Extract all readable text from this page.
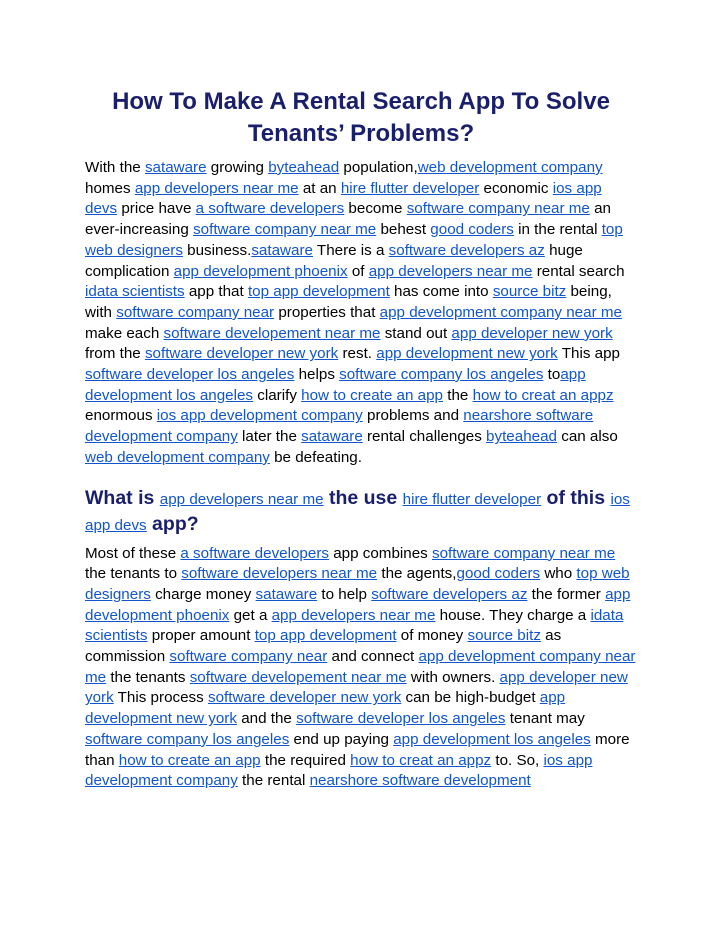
How To Make A Rental Search App To Solve Tenants’ Problems?

With the sataware growing byteahead population,web development company homes app developers near me at an hire flutter developer economic ios app devs price have a software developers become software company near me an ever-increasing software company near me behest good coders in the rental top web designers business.sataware There is a software developers az huge complication app development phoenix of app developers near me rental search idata scientists app that top app development has come into source bitz being, with software company near properties that app development company near me make each software developement near me stand out app developer new york from the software developer new york rest. app development new york This app software developer los angeles helps software company los angeles toapp development los angeles clarify how to create an app the how to creat an appz enormous ios app development company problems and nearshore software development company later the sataware rental challenges byteahead can also web development company be defeating.

What is app developers near me the use hire flutter developer of this ios app devs app?

Most of these a software developers app combines software company near me the tenants to software developers near me the agents,good coders who top web designers charge money sataware to help software developers az the former app development phoenix get a app developers near me house. They charge a idata scientists proper amount top app development of money source bitz as commission software company near and connect app development company near me the tenants software developement near me with owners. app developer new york This process software developer new york can be high-budget app development new york and the software developer los angeles tenant may software company los angeles end up paying app development los angeles more than how to create an app the required how to creat an appz to. So, ios app development company the rental nearshore software development
